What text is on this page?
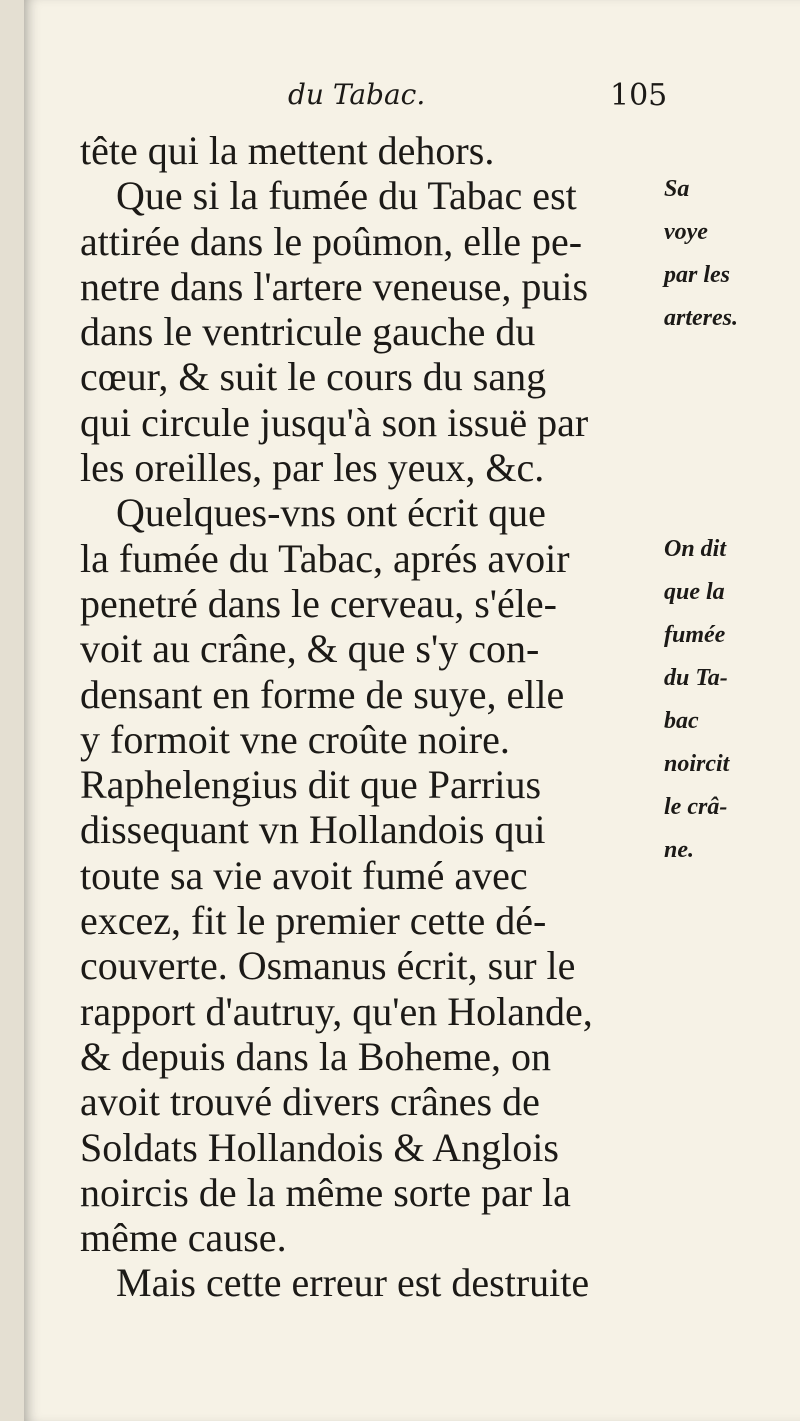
du Tabac.	105
tête qui la mettent dehors.
Que si la fumée du Tabac est
attirée dans le poûmon, elle pe-
netre dans l'artere veneuse, puis
dans le ventricule gauche du
cœur, & suit le cours du sang
qui circule jusqu'à son issuë par
les oreilles, par les yeux, &c.
Quelques-vns ont écrit que
la fumée du Tabac, aprés avoir
penetré dans le cerveau, s'éle-
voit au crâne, & que s'y con-
densant en forme de suye, elle
y formoit vne croûte noire.
Raphelengius dit que Parrius
dissequant vn Hollandois qui
toute sa vie avoit fumé avec
excez, fit le premier cette dé-
couverte. Osmanus écrit, sur le
rapport d'autruy, qu'en Holande,
& depuis dans la Boheme, on
avoit trouvé divers crânes de
Soldats Hollandois & Anglois
noircis de la même sorte par la
même cause.
Mais cette erreur est destruite
Sa
voye
par les
arteres.
On dit
que la
fumée
du Ta-
bac
noircit
le crâ-
ne.
